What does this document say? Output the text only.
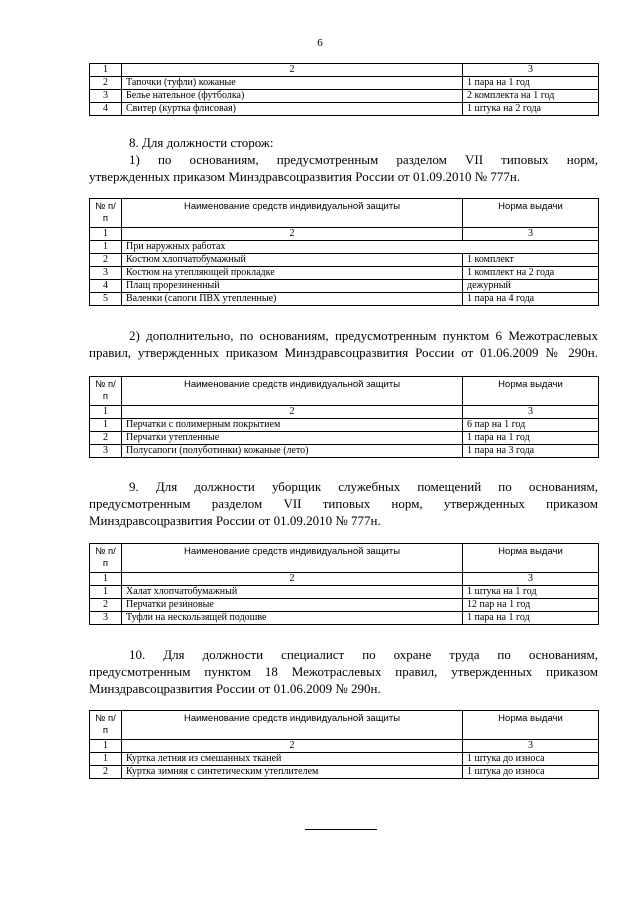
6
1	2	3
2	Тапочки (туфли) кожаные	1 пара на 1 год
3	Белье нательное (футболка)	2 комплекта на 1 год
4	Свитер (куртка флисовая)	1 штука на 2 года

8. Для должности сторож:

1) по основаниям, предусмотренным разделом VII типовых норм,

утвержденных приказом Минздравсоцразвития России от 01.09.2010 № 777н.

№ п/п	Наименование средств индивидуальной защиты	Норма выдачи
1	2	3
1	При наружных работах	
2	Костюм хлопчатобумажный	1 комплект
3	Костюм на утепляющей прокладке	1 комплект на 2 года
4	Плащ прорезиненный	дежурный
5	Валенки (сапоги ПВХ утепленные)	1 пара на 4 года

2) дополнительно, по основаниям, предусмотренным пунктом 6 Межотраслевых

правил, утвержденных приказом Минздравсоцразвития России от 01.06.2009 № 290н.

№ п/п	Наименование средств индивидуальной защиты	Норма выдачи
1	2	3
1	Перчатки с полимерным покрытием	6 пар на 1 год
2	Перчатки утепленные	1 пара на 1 год
3	Полусапоги (полуботинки) кожаные (лето)	1 пара на 3 года

9. Для должности уборщик служебных помещений по основаниям,

предусмотренным разделом VII типовых норм, утвержденных приказом

Минздравсоцразвития России от 01.09.2010 № 777н.

№ п/п	Наименование средств индивидуальной защиты	Норма выдачи
1	2	3
1	Халат хлопчатобумажный	1 штука на 1 год
2	Перчатки резиновые	12 пар на 1 год
3	Туфли на нескользящей подошве	1 пара на 1 год

10. Для должности специалист по охране труда по основаниям,

предусмотренным пунктом 18 Межотраслевых правил, утвержденных приказом

Минздравсоцразвития России от 01.06.2009 № 290н.

№ п/п	Наименование средств индивидуальной защиты	Норма выдачи
1	2	3
1	Куртка летняя из смешанных тканей	1 штука до износа
2	Куртка зимняя с синтетическим утеплителем	1 штука до износа
